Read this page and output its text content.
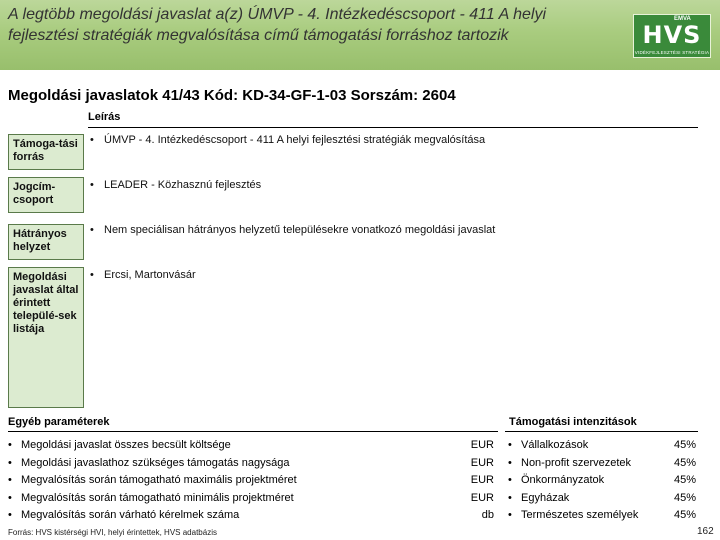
A legtöbb megoldási javaslat a(z) ÚMVP - 4. Intézkedéscsoport - 411 A helyi fejlesztési stratégiák megvalósítása című támogatási forráshoz tartozik
EMVA
HVS
VIDÉKFEJLESZTÉSI STRATÉGIA
Megoldási javaslatok 41/43 Kód: KD-34-GF-1-03 Sorszám: 2604
Leírás
Támoga-tási forrás
• ÚMVP - 4. Intézkedéscsoport - 411 A helyi fejlesztési stratégiák megvalósítása
Jogcím-csoport
• LEADER - Közhasznú fejlesztés
Hátrányos helyzet
• Nem speciálisan hátrányos helyzetű településekre vonatkozó megoldási javaslat
Megoldási javaslat által érintett települé-sek listája
• Ercsi, Martonvásár
Egyéb paraméterek
• Megoldási javaslat összes becsült költsége
• Megoldási javaslathoz szükséges támogatás nagysága
• Megvalósítás során támogatható maximális projektméret
• Megvalósítás során támogatható minimális projektméret
• Megvalósítás során várható kérelmek száma
EUR
EUR
EUR
EUR
db
Támogatási intenzitások
• Vállalkozások
• Non-profit szervezetek
• Önkormányzatok
• Egyházak
• Természetes személyek
45%
45%
45%
45%
45%
Forrás: HVS kistérségi HVI, helyi érintettek, HVS adatbázis	162
